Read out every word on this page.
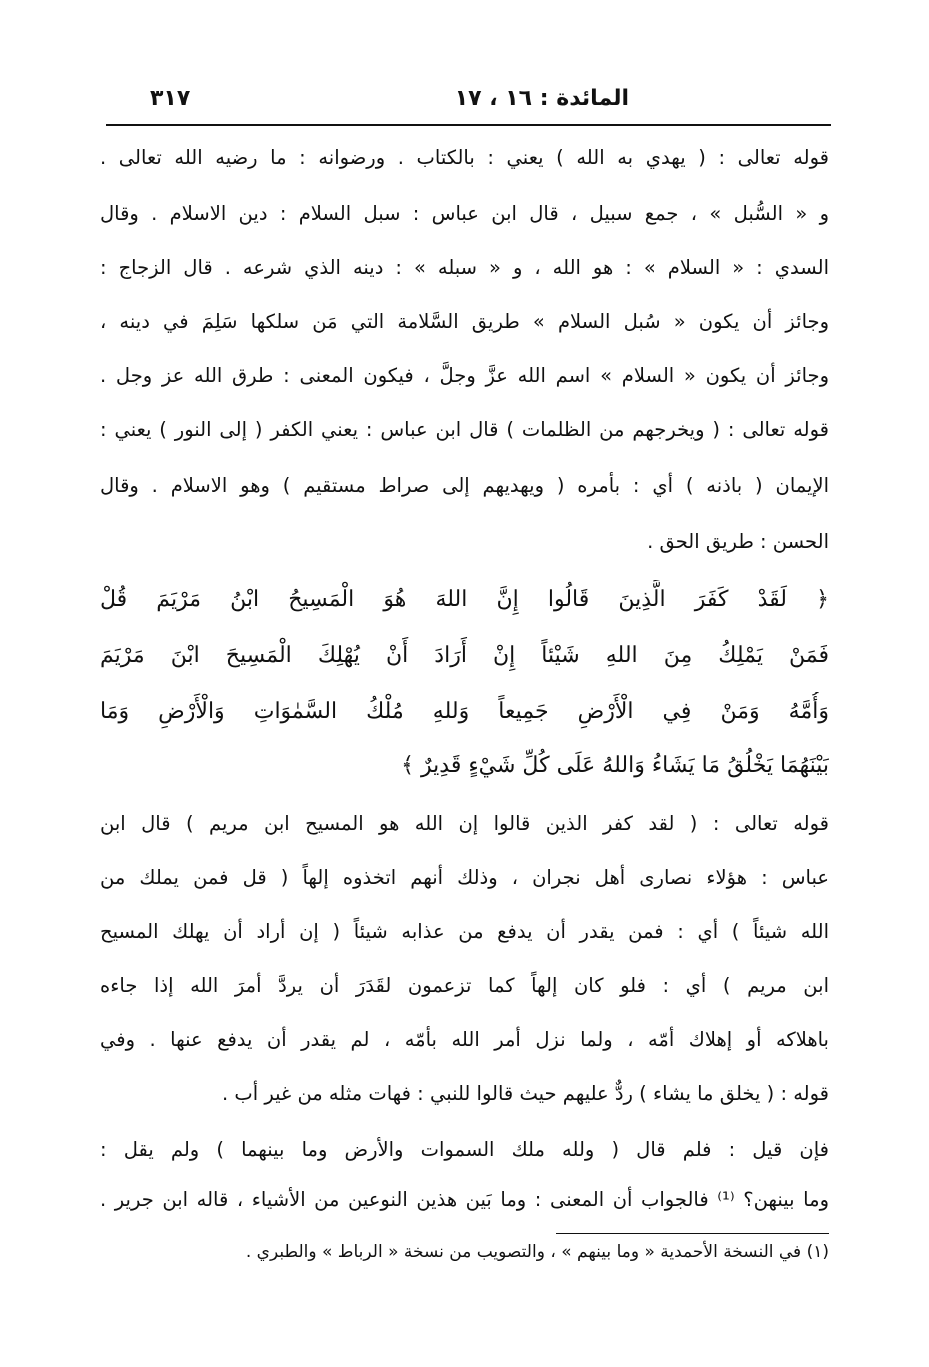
المائدة : ١٦ ، ١٧
٣١٧
قوله تعالى : ( يهدي به الله ) يعني : بالكتاب . ورضوانه : ما رضيه الله تعالى .
و « السُّبل » ، جمع سبيل ، قال ابن عباس : سبل السلام : دين الاسلام . وقال
السدي : « السلام » : هو الله ، و « سبله » : دينه الذي شرعه . قال الزجاج :
وجائز أن يكون « سُبل السلام » طريق السَّلامة التي مَن سلكها سَلِمَ في دينه ،
وجائز أن يكون « السلام » اسم الله عزَّ وجلَّ ، فيكون المعنى : طرق الله عز وجل .
قوله تعالى : ( ويخرجهم من الظلمات ) قال ابن عباس : يعني الكفر ( إلى النور ) يعني :
الإيمان ( باذنه ) أي : بأمره ( ويهديهم إلى صراط مستقيم ) وهو الاسلام . وقال
الحسن : طريق الحق .
﴿ لَقَدْ كَفَرَ الَّذِينَ قَالُوا إِنَّ اللهَ هُوَ الْمَسِيحُ ابْنُ مَرْيَمَ قُلْ
فَمَنْ يَمْلِكُ مِنَ اللهِ شَيْئاً إِنْ أَرَادَ أَنْ يُهْلِكَ الْمَسِيحَ ابْنَ مَرْيَمَ
وَأُمَّهُ وَمَنْ فِي الْأَرْضِ جَمِيعاً وَللهِ مُلْكُ السَّمٰوَاتِ وَالْأَرْضِ وَمَا
بَيْنَهُمَا يَخْلُقُ مَا يَشَاءُ وَاللهُ عَلَى كُلِّ شَيْءٍ قَدِيرٌ ﴾
قوله تعالى : ( لقد كفر الذين قالوا إن الله هو المسيح ابن مريم ) قال ابن
عباس : هؤلاء نصارى أهل نجران ، وذلك أنهم اتخذوه إلهاً ( قل فمن يملك من
الله شيئاً ) أي : فمن يقدر أن يدفع من عذابه شيئاً ( إن أراد أن يهلك المسيح
ابن مريم ) أي : فلو كان إلهاً كما تزعمون لقَدَرَ أن يردَّ أمرَ الله إذا جاءه
باهلاكه أو إهلاك أمّه ، ولما نزل أمر الله بأمّه ، لم يقدر أن يدفع عنها . وفي
قوله : ( يخلق ما يشاء ) ردٌّ عليهم حيث قالوا للنبي : فهات مثله من غير أب .
فإن قيل : فلم قال ( ولله ملك السموات والأرض وما بينهما ) ولم يقل :
وما بينهن؟ ⁽¹⁾ فالجواب أن المعنى : وما بَين هذين النوعين من الأشياء ، قاله ابن جرير .
(١) في النسخة الأحمدية « وما بينهم » ، والتصويب من نسخة « الرباط » والطبري .
